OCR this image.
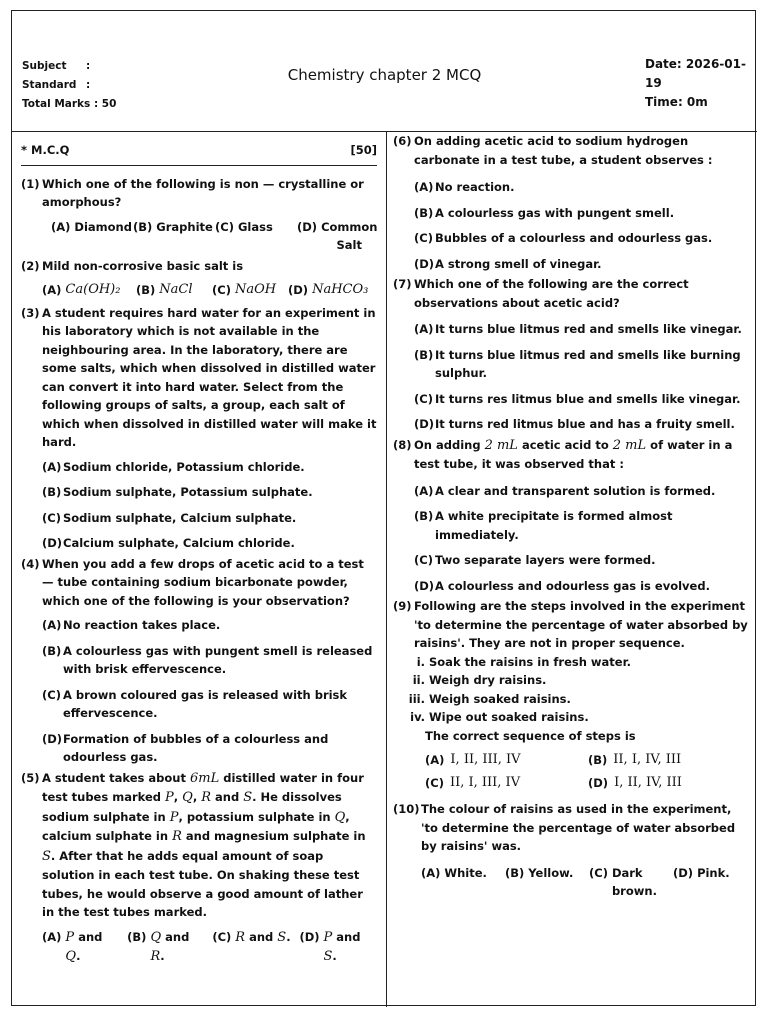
Subject	:
Standard :
Total Marks : 50
Chemistry chapter 2 MCQ
Date: 2026-01-19
Time: 0m
* M.C.Q	[50]
(1) Which one of the following is non — crystalline or amorphous?
(A) Diamond (B) Graphite (C) Glass (D) Common Salt
(2) Mild non-corrosive basic salt is
(A) Ca(OH)₂ (B) NaCl (C) NaOH (D) NaHCO₃
(3) A student requires hard water for an experiment in his laboratory which is not available in the neighbouring area. In the laboratory, there are some salts, which when dissolved in distilled water can convert it into hard water. Select from the following groups of salts, a group, each salt of which when dissolved in distilled water will make it hard.
(A) Sodium chloride, Potassium chloride.
(B) Sodium sulphate, Potassium sulphate.
(C) Sodium sulphate, Calcium sulphate.
(D) Calcium sulphate, Calcium chloride.
(4) When you add a few drops of acetic acid to a test — tube containing sodium bicarbonate powder, which one of the following is your observation?
(A) No reaction takes place.
(B) A colourless gas with pungent smell is released with brisk effervescence.
(C) A brown coloured gas is released with brisk effervescence.
(D) Formation of bubbles of a colourless and odourless gas.
(5) A student takes about 6mL distilled water in four test tubes marked P, Q, R and S. He dissolves sodium sulphate in P, potassium sulphate in Q, calcium sulphate in R and magnesium sulphate in S. After that he adds equal amount of soap solution in each test tube. On shaking these test tubes, he would observe a good amount of lather in the test tubes marked.
(A) P and
Q.
(B) Q and
R.
(C) R and S. (D) P and S.
(6) On adding acetic acid to sodium hydrogen carbonate in a test tube, a student observes :
(A) No reaction.
(B) A colourless gas with pungent smell.
(C) Bubbles of a colourless and odourless gas.
(D) A strong smell of vinegar.
(7) Which one of the following are the correct observations about acetic acid?
(A) It turns blue litmus red and smells like vinegar.
(B) It turns blue litmus red and smells like burning sulphur.
(C) It turns res litmus blue and smells like vinegar.
(D) It turns red litmus blue and has a fruity smell.
(8) On adding 2 mL acetic acid to 2 mL of water in a test tube, it was observed that :
(A) A clear and transparent solution is formed.
(B) A white precipitate is formed almost immediately.
(C) Two separate layers were formed.
(D) A colourless and odourless gas is evolved.
(9) Following are the steps involved in the experiment 'to determine the percentage of water absorbed by raisins'. They are not in proper sequence.
i. Soak the raisins in fresh water.
ii. Weigh dry raisins.
iii. Weigh soaked raisins.
iv. Wipe out soaked raisins.
The correct sequence of steps is
(A) I, II, III, IV	(B) II, I, IV, III
(C) II, I, III, IV	(D) I, II, IV, III
(10) The colour of raisins as used in the experiment, 'to determine the percentage of water absorbed by raisins' was.
(A) White. (B) Yellow. (C) Dark brown.
(D) Pink.
